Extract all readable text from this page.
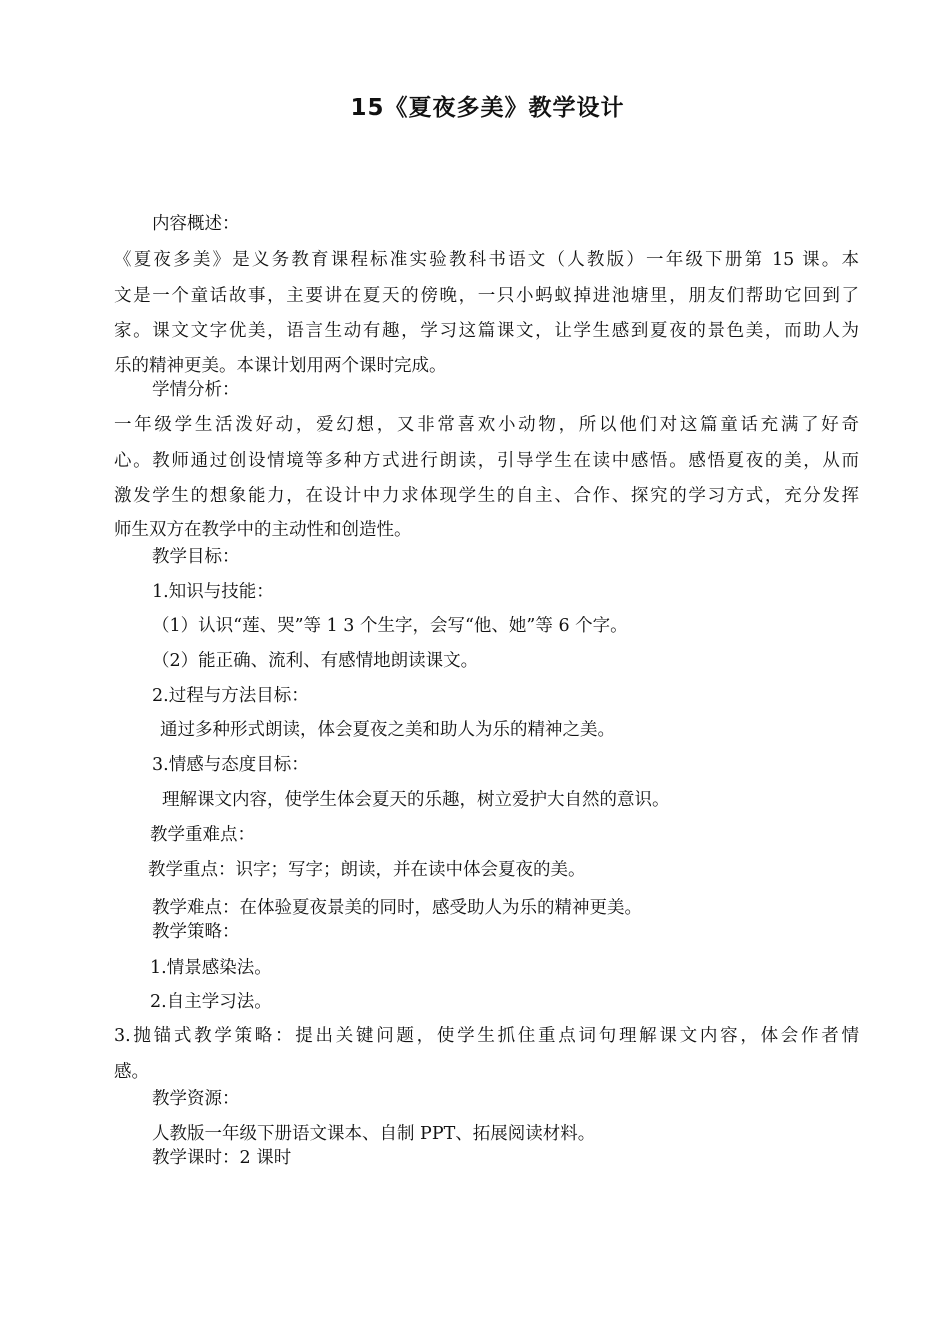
15《夏夜多美》教学设计
内容概述：
《夏夜多美》是义务教育课程标准实验教科书语文（人教版）一年级下册第 15 课。本
文是一个童话故事，主要讲在夏天的傍晚，一只小蚂蚁掉进池塘里，朋友们帮助它回到了
家。课文文字优美，语言生动有趣，学习这篇课文，让学生感到夏夜的景色美，而助人为
乐的精神更美。本课计划用两个课时完成。
学情分析：
一年级学生活泼好动，爱幻想，又非常喜欢小动物，所以他们对这篇童话充满了好奇
心。教师通过创设情境等多种方式进行朗读，引导学生在读中感悟。感悟夏夜的美，从而
激发学生的想象能力，在设计中力求体现学生的自主、合作、探究的学习方式，充分发挥
师生双方在教学中的主动性和创造性。
教学目标：
1.知识与技能：
（1）认识“莲、哭”等 1 3 个生字，会写“他、她”等 6 个字。
（2）能正确、流利、有感情地朗读课文。
2.过程与方法目标：
通过多种形式朗读，体会夏夜之美和助人为乐的精神之美。
3.情感与态度目标：
理解课文内容，使学生体会夏天的乐趣，树立爱护大自然的意识。
教学重难点：
教学重点：识字；写字；朗读，并在读中体会夏夜的美。
教学难点：在体验夏夜景美的同时，感受助人为乐的精神更美。
教学策略：
1.情景感染法。
2.自主学习法。
3.抛锚式教学策略：提出关键问题，使学生抓住重点词句理解课文内容，体会作者情
感。
教学资源：
人教版一年级下册语文课本、自制 PPT、拓展阅读材料。
教学课时：2 课时
